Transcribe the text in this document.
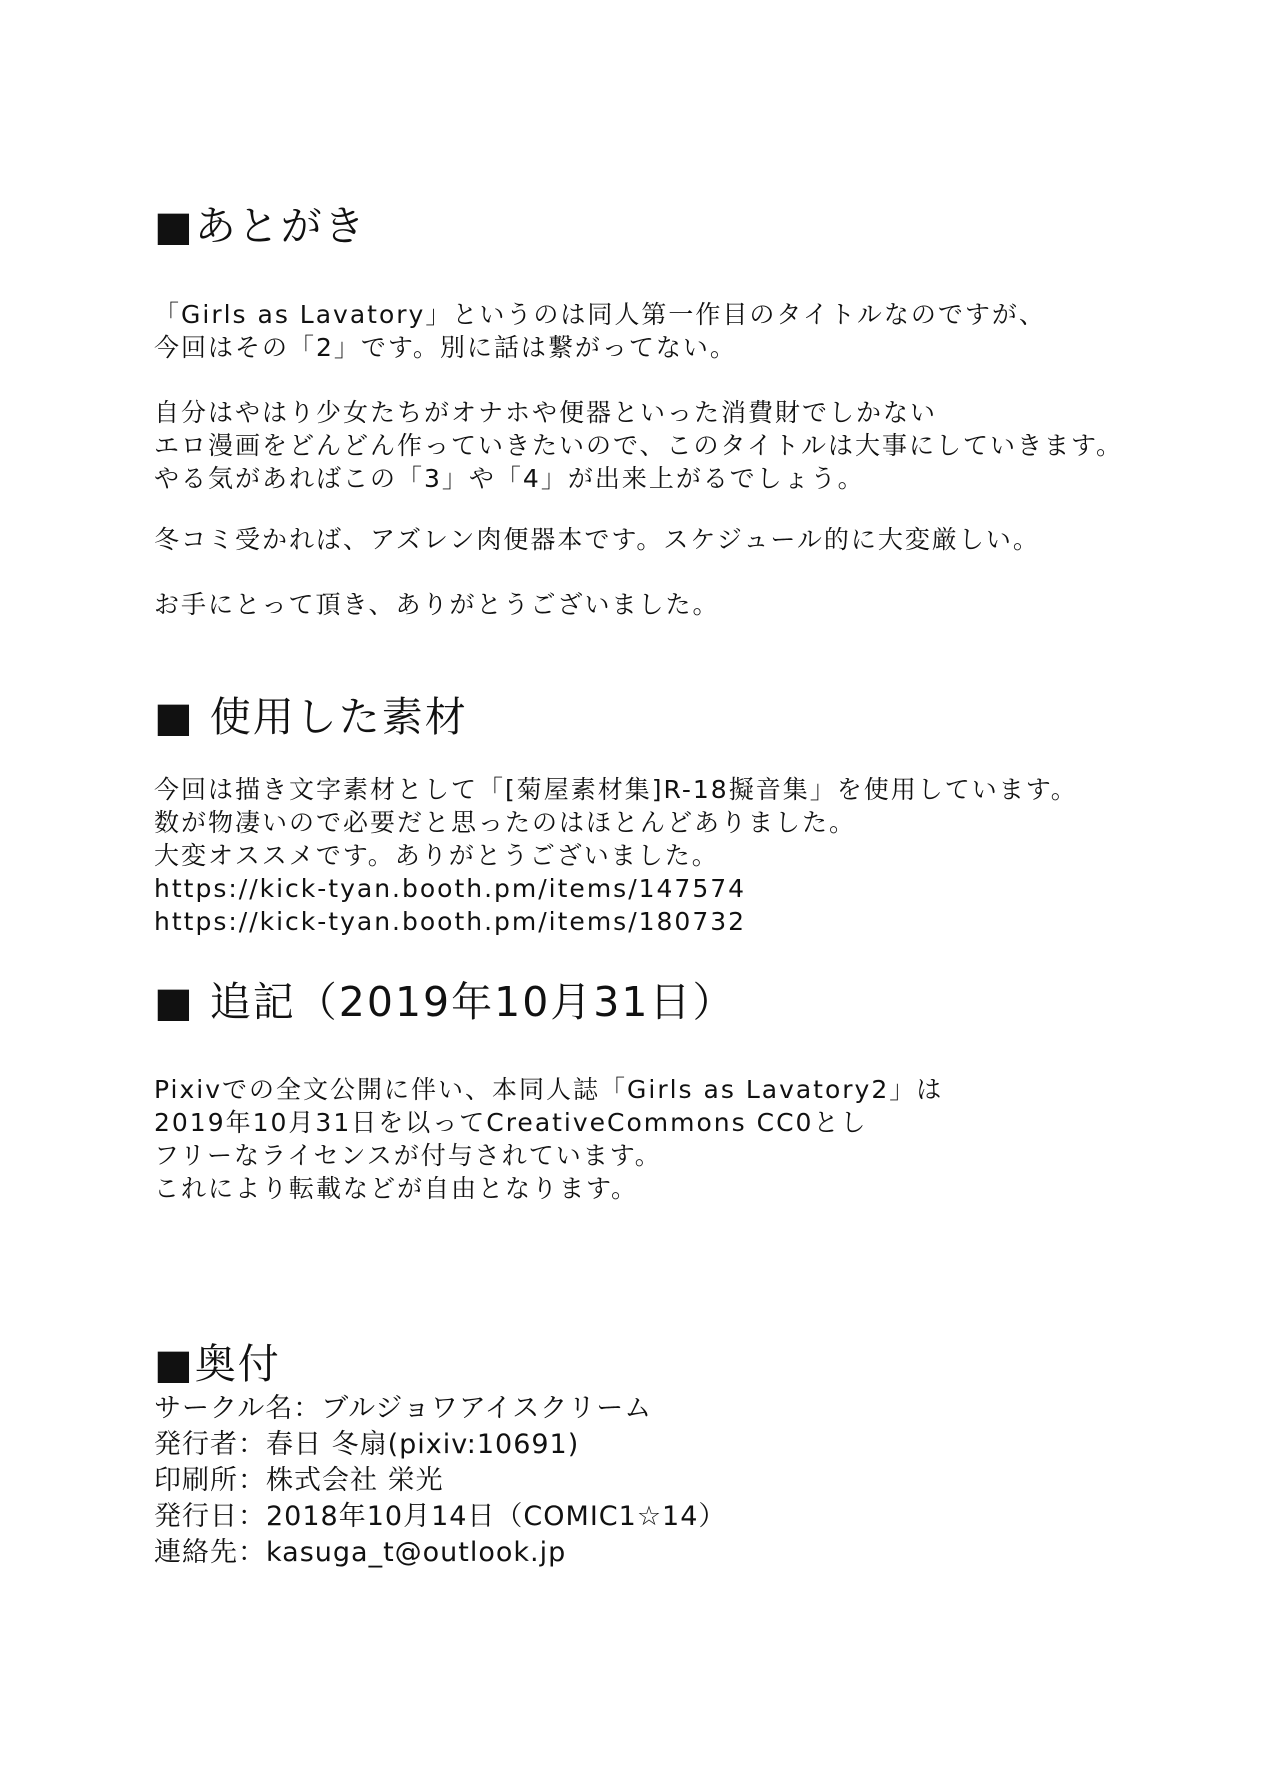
■あとがき
「Girls as Lavatory」というのは同人第一作目のタイトルなのですが、
今回はその「2」です。別に話は繋がってない。
自分はやはり少女たちがオナホや便器といった消費財でしかない
エロ漫画をどんどん作っていきたいので、このタイトルは大事にしていきます。
やる気があればこの「3」や「4」が出来上がるでしょう。
冬コミ受かれば、アズレン肉便器本です。スケジュール的に大変厳しい。
お手にとって頂き、ありがとうございました。
■ 使用した素材
今回は描き文字素材として「[菊屋素材集]R-18擬音集」を使用しています。
数が物凄いので必要だと思ったのはほとんどありました。
大変オススメです。ありがとうございました。
https://kick-tyan.booth.pm/items/147574
https://kick-tyan.booth.pm/items/180732
■ 追記（2019年10月31日）
Pixivでの全文公開に伴い、本同人誌「Girls as Lavatory2」は
2019年10月31日を以ってCreativeCommons CC0とし
フリーなライセンスが付与されています。
これにより転載などが自由となります。
■奥付
サークル名：ブルジョワアイスクリーム
発行者：春日 冬扇(pixiv:10691)
印刷所：株式会社 栄光
発行日：2018年10月14日（COMIC1☆14）
連絡先：kasuga_t@outlook.jp
